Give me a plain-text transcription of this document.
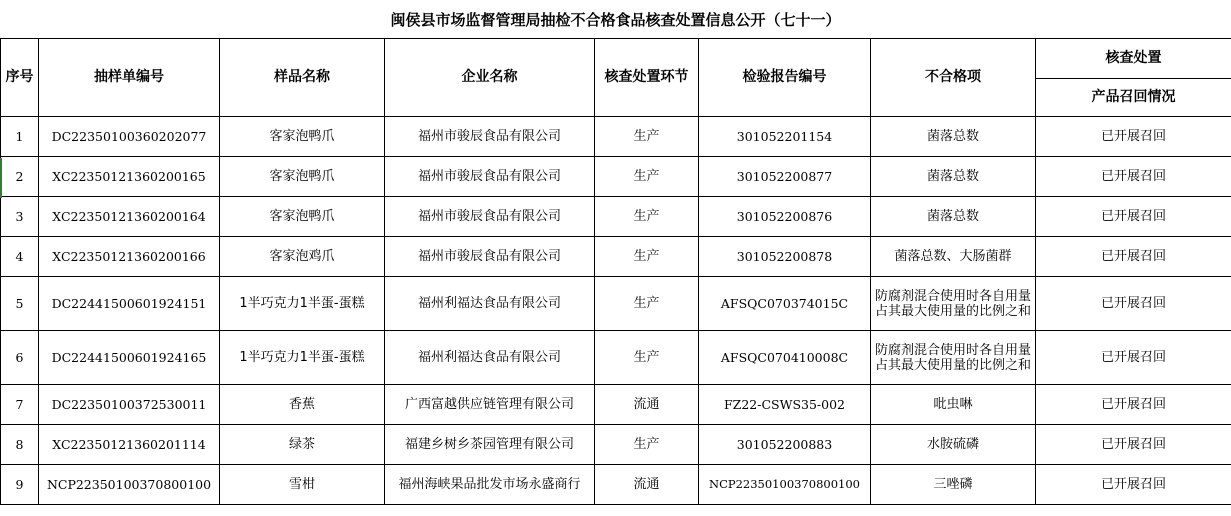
闽侯县市场监督管理局抽检不合格食品核查处置信息公开（七十一）
序号	抽样单编号	样品名称	企业名称	核查处置环节	检验报告编号	不合格项	核查处置
							产品召回情况
1	DC22350100360202077	客家泡鸭爪	福州市骏辰食品有限公司	生产	301052201154	菌落总数	已开展召回
2	XC22350121360200165	客家泡鸭爪	福州市骏辰食品有限公司	生产	301052200877	菌落总数	已开展召回
3	XC22350121360200164	客家泡鸭爪	福州市骏辰食品有限公司	生产	301052200876	菌落总数	已开展召回
4	XC22350121360200166	客家泡鸡爪	福州市骏辰食品有限公司	生产	301052200878	菌落总数、大肠菌群	已开展召回
5	DC22441500601924151	1半巧克力1半蛋-蛋糕	福州利福达食品有限公司	生产	AFSQC070374015C	防腐剂混合使用时各自用量占其最大使用量的比例之和	已开展召回
6	DC22441500601924165	1半巧克力1半蛋-蛋糕	福州利福达食品有限公司	生产	AFSQC070410008C	防腐剂混合使用时各自用量占其最大使用量的比例之和	已开展召回
7	DC22350100372530011	香蕉	广西富越供应链管理有限公司	流通	FZ22-CSWS35-002	吡虫啉	已开展召回
8	XC22350121360201114	绿茶	福建乡树乡茶园管理有限公司	生产	301052200883	水胺硫磷	已开展召回
9	NCP22350100370800100	雪柑	福州海峡果品批发市场永盛商行	流通	NCP22350100370800100	三唑磷	已开展召回
